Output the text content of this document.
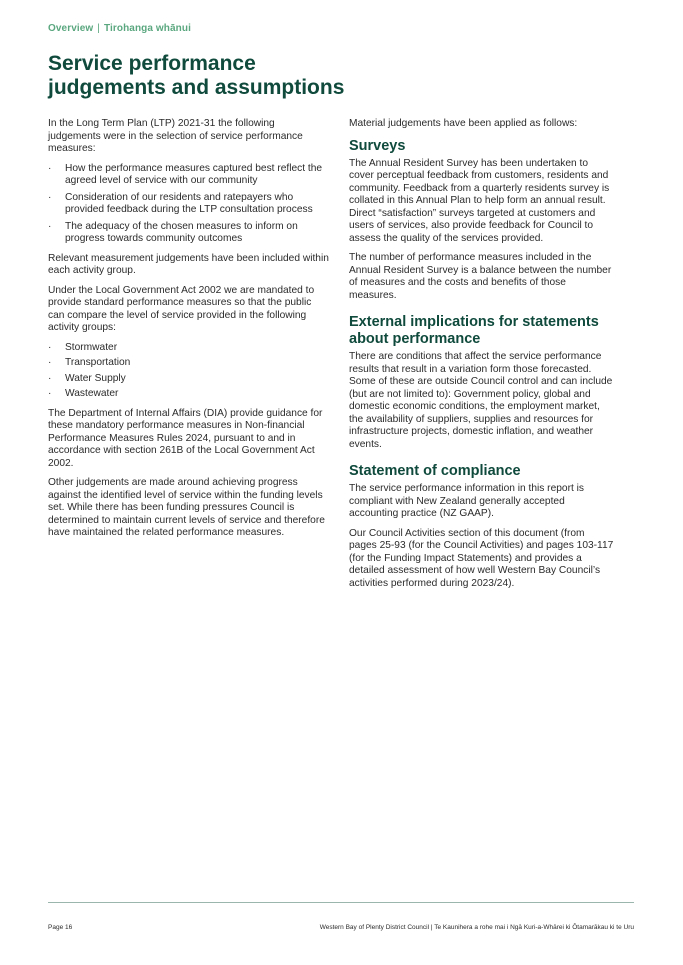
Overview | Tirohanga whānui
Service performance judgements and assumptions

In the Long Term Plan (LTP) 2021-31 the following judgements were in the selection of service performance measures:

· How the performance measures captured best reflect the agreed level of service with our community
· Consideration of our residents and ratepayers who provided feedback during the LTP consultation process
· The adequacy of the chosen measures to inform on progress towards community outcomes

Relevant measurement judgements have been included within each activity group.

Under the Local Government Act 2002 we are mandated to provide standard performance measures so that the public can compare the level of service provided in the following activity groups:

· Stormwater
· Transportation
· Water Supply
· Wastewater

The Department of Internal Affairs (DIA) provide guidance for these mandatory performance measures in Non-financial Performance Measures Rules 2024, pursuant to and in accordance with section 261B of the Local Government Act 2002.

Other judgements are made around achieving progress against the identified level of service within the funding levels set. While there has been funding pressures Council is determined to maintain current levels of service and therefore have maintained the related performance measures.

Material judgements have been applied as follows:

Surveys

The Annual Resident Survey has been undertaken to cover perceptual feedback from customers, residents and community. Feedback from a quarterly residents survey is collated in this Annual Plan to help form an annual result. Direct “satisfaction” surveys targeted at customers and users of services, also provide feedback for Council to assess the quality of the services provided.

The number of performance measures included in the Annual Resident Survey is a balance between the number of measures and the costs and benefits of those measures.

External implications for statements about performance

There are conditions that affect the service performance results that result in a variation form those forecasted. Some of these are outside Council control and can include (but are not limited to): Government policy, global and domestic economic conditions, the employment market, the availability of suppliers, supplies and resources for infrastructure projects, domestic inflation, and weather events.

Statement of compliance

The service performance information in this report is compliant with New Zealand generally accepted accounting practice (NZ GAAP).

Our Council Activities section of this document (from pages 25-93 (for the Council Activities) and pages 103-117 (for the Funding Impact Statements) and provides a detailed assessment of how well Western Bay Council’s activities performed during 2023/24).

Page 16	Western Bay of Plenty District Council | Te Kaunihera a rohe mai i Ngā Kuri-a-Whārei ki Ōtamarākau ki te Uru
